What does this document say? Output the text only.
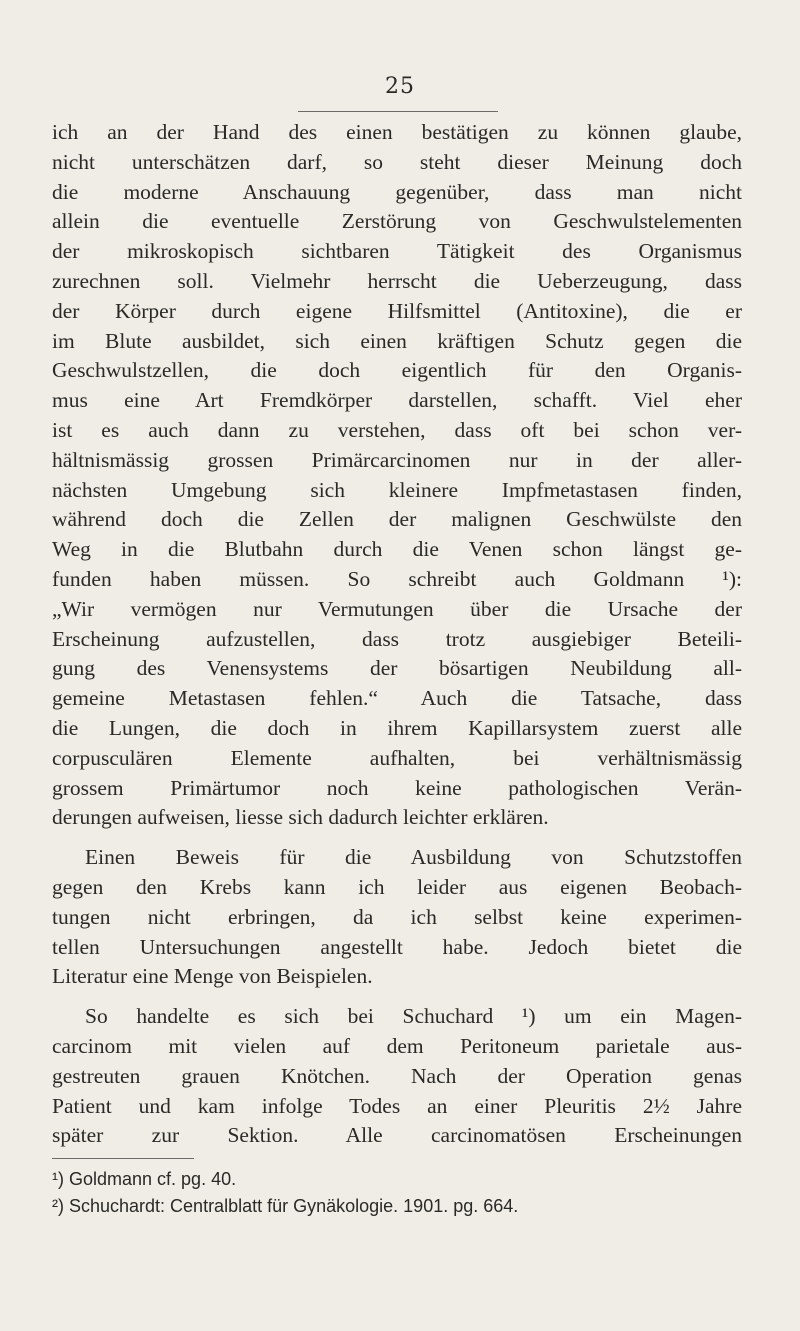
25
ich an der Hand des einen bestätigen zu können glaube,
nicht unterschätzen darf, so steht dieser Meinung doch
die moderne Anschauung gegenüber, dass man nicht
allein die eventuelle Zerstörung von Geschwulstelementen
der mikroskopisch sichtbaren Tätigkeit des Organismus
zurechnen soll. Vielmehr herrscht die Ueberzeugung, dass
der Körper durch eigene Hilfsmittel (Antitoxine), die er
im Blute ausbildet, sich einen kräftigen Schutz gegen die
Geschwulstzellen, die doch eigentlich für den Organis-
mus eine Art Fremdkörper darstellen, schafft. Viel eher
ist es auch dann zu verstehen, dass oft bei schon ver-
hältnismässig grossen Primärcarcinomen nur in der aller-
nächsten Umgebung sich kleinere Impfmetastasen finden,
während doch die Zellen der malignen Geschwülste den
Weg in die Blutbahn durch die Venen schon längst ge-
funden haben müssen. So schreibt auch Goldmann ¹):
„Wir vermögen nur Vermutungen über die Ursache der
Erscheinung aufzustellen, dass trotz ausgiebiger Beteili-
gung des Venensystems der bösartigen Neubildung all-
gemeine Metastasen fehlen.“ Auch die Tatsache, dass
die Lungen, die doch in ihrem Kapillarsystem zuerst alle
corpusculären Elemente aufhalten, bei verhältnismässig
grossem Primärtumor noch keine pathologischen Verän-
derungen aufweisen, liesse sich dadurch leichter erklären.
Einen Beweis für die Ausbildung von Schutzstoffen
gegen den Krebs kann ich leider aus eigenen Beobach-
tungen nicht erbringen, da ich selbst keine experimen-
tellen Untersuchungen angestellt habe. Jedoch bietet die
Literatur eine Menge von Beispielen.
So handelte es sich bei Schuchard ¹) um ein Magen-
carcinom mit vielen auf dem Peritoneum parietale aus-
gestreuten grauen Knötchen. Nach der Operation genas
Patient und kam infolge Todes an einer Pleuritis 2½ Jahre
später zur Sektion. Alle carcinomatösen Erscheinungen
¹) Goldmann cf. pg. 40.
²) Schuchardt: Centralblatt für Gynäkologie. 1901. pg. 664.
